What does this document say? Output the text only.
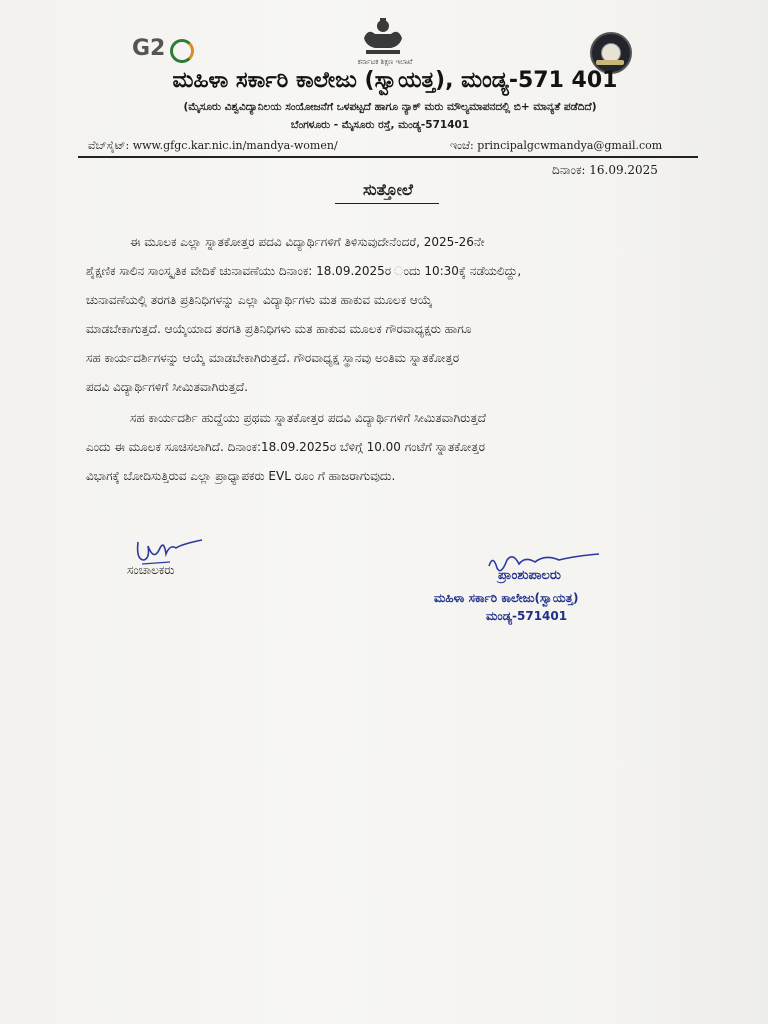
G2
ಕರ್ನಾಟಕ ಶಿಕ್ಷಣ ಇಲಾಖೆ
ಮಹಿಳಾ ಸರ್ಕಾರಿ ಕಾಲೇಜು (ಸ್ವಾಯತ್ತ), ಮಂಡ್ಯ-571 401
(ಮೈಸೂರು ವಿಶ್ವವಿದ್ಯಾನಿಲಯ ಸಂಯೋಜನೆಗೆ ಒಳಪಟ್ಟದೆ ಹಾಗೂ ನ್ಯಾಕ್ ಮರು ಮೌಲ್ಯಮಾಪನದಲ್ಲಿ ಬಿ+ ಮಾನ್ಯತೆ ಪಡೆದಿದೆ)
ಬೆಂಗಳೂರು - ಮೈಸೂರು ರಸ್ತೆ, ಮಂಡ್ಯ-571401
ವೆಬ್‌ಸೈಟ್: www.gfgc.kar.nic.in/mandya-women/	ಇಂಚೆ: principalgcwmandya@gmail.com
ದಿನಾಂಕ: 16.09.2025
ಸುತ್ತೋಲೆ
ಈ ಮೂಲಕ ಎಲ್ಲಾ ಸ್ನಾತಕೋತ್ತರ ಪದವಿ ವಿದ್ಯಾರ್ಥಿಗಳಿಗೆ ತಿಳಿಸುವುದೇನೆಂದರೆ, 2025-26ನೇ
ಶೈಕ್ಷಣಿಕ ಸಾಲಿನ ಸಾಂಸ್ಕೃತಿಕ ವೇದಿಕೆ ಚುನಾವಣೆಯು ದಿನಾಂಕ: 18.09.2025ರ ಂದು 10:30ಕ್ಕೆ ನಡೆಯಲಿದ್ದು,
ಚುನಾವಣೆಯಲ್ಲಿ ತರಗತಿ ಪ್ರತಿನಿಧಿಗಳನ್ನು ಎಲ್ಲಾ ವಿದ್ಯಾರ್ಥಿಗಳು ಮತ ಹಾಕುವ ಮೂಲಕ ಆಯ್ಕೆ
ಮಾಡಬೇಕಾಗುತ್ತದೆ. ಆಯ್ಕೆಯಾದ ತರಗತಿ ಪ್ರತಿನಿಧಿಗಳು ಮತ ಹಾಕುವ ಮೂಲಕ ಗೌರವಾಧ್ಯಕ್ಷರು ಹಾಗೂ
ಸಹ ಕಾರ್ಯದರ್ಶಿಗಳನ್ನು ಆಯ್ಕೆ ಮಾಡಬೇಕಾಗಿರುತ್ತದೆ. ಗೌರವಾಧ್ಯಕ್ಷ ಸ್ಥಾನವು ಅಂತಿಮ ಸ್ನಾತಕೋತ್ತರ
ಪದವಿ ವಿದ್ಯಾರ್ಥಿಗಳಿಗೆ ಸೀಮಿತವಾಗಿರುತ್ತದೆ.
ಸಹ ಕಾರ್ಯದರ್ಶಿ ಹುದ್ದೆಯು ಪ್ರಥಮ ಸ್ನಾತಕೋತ್ತರ ಪದವಿ ವಿದ್ಯಾರ್ಥಿಗಳಿಗೆ ಸೀಮಿತವಾಗಿರುತ್ತದೆ
ಎಂದು ಈ ಮೂಲಕ ಸೂಚಿಸಲಾಗಿದೆ. ದಿನಾಂಕ:18.09.2025ರ ಬೆಳಿಗ್ಗೆ 10.00 ಗಂಟೆಗೆ ಸ್ನಾತಕೋತ್ತರ
ವಿಭಾಗಕ್ಕೆ ಬೋದಿಸುತ್ತಿರುವ ಎಲ್ಲಾ ಪ್ರಾಧ್ಯಾಪಕರು EVL ರೂಂ ಗೆ ಹಾಜರಾಗುವುದು.
ಸಂಚಾಲಕರು	ಪ್ರಾಂಶುಪಾಲರು
ಮಹಿಳಾ ಸರ್ಕಾರಿ ಕಾಲೇಜು(ಸ್ವಾಯತ್ತ)
ಮಂಡ್ಯ-571401
